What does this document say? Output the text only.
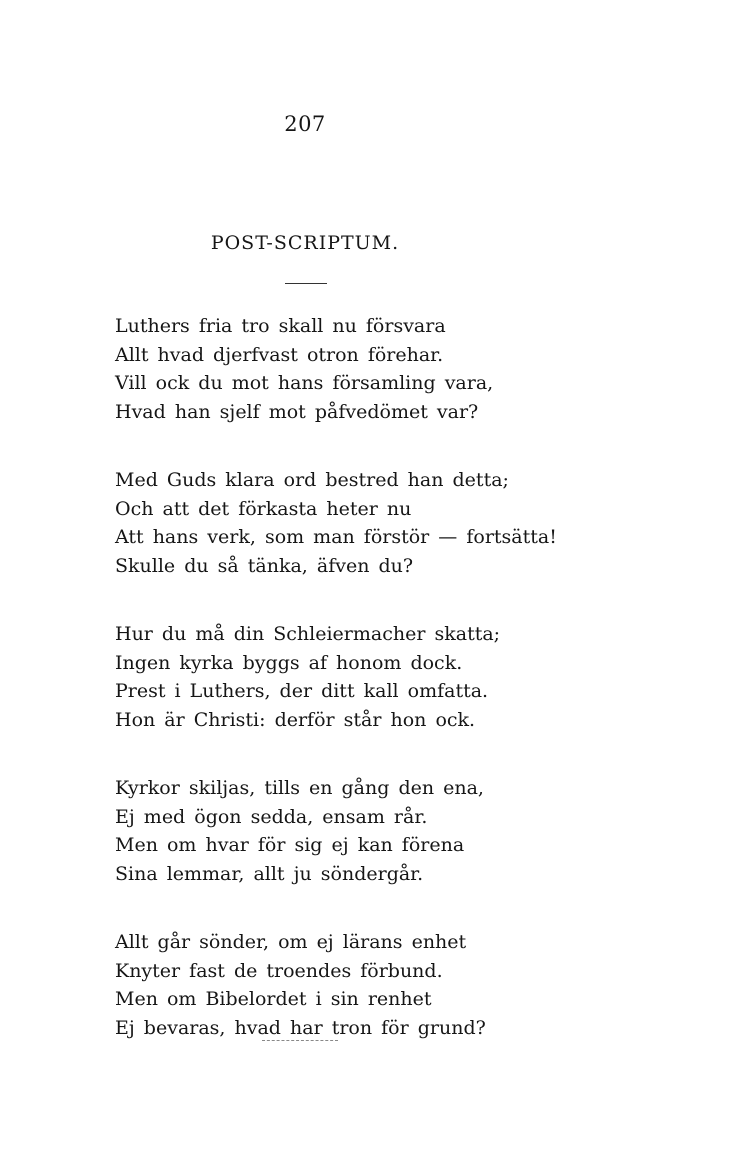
207
POST-SCRIPTUM.
Luthers fria tro skall nu försvara
Allt hvad djerfvast otron förehar.
Vill ock du mot hans församling vara,
Hvad han sjelf mot påfvedömet var?
Med Guds klara ord bestred han detta;
Och att det förkasta heter nu
Att hans verk, som man förstör — fortsätta!
Skulle du så tänka, äfven du?
Hur du må din Schleiermacher skatta;
Ingen kyrka byggs af honom dock.
Prest i Luthers, der ditt kall omfatta.
Hon är Christi: derför står hon ock.
Kyrkor skiljas, tills en gång den ena,
Ej med ögon sedda, ensam rår.
Men om hvar för sig ej kan förena
Sina lemmar, allt ju söndergår.
Allt går sönder, om ej lärans enhet
Knyter fast de troendes förbund.
Men om Bibelordet i sin renhet
Ej bevaras, hvad har tron för grund?
